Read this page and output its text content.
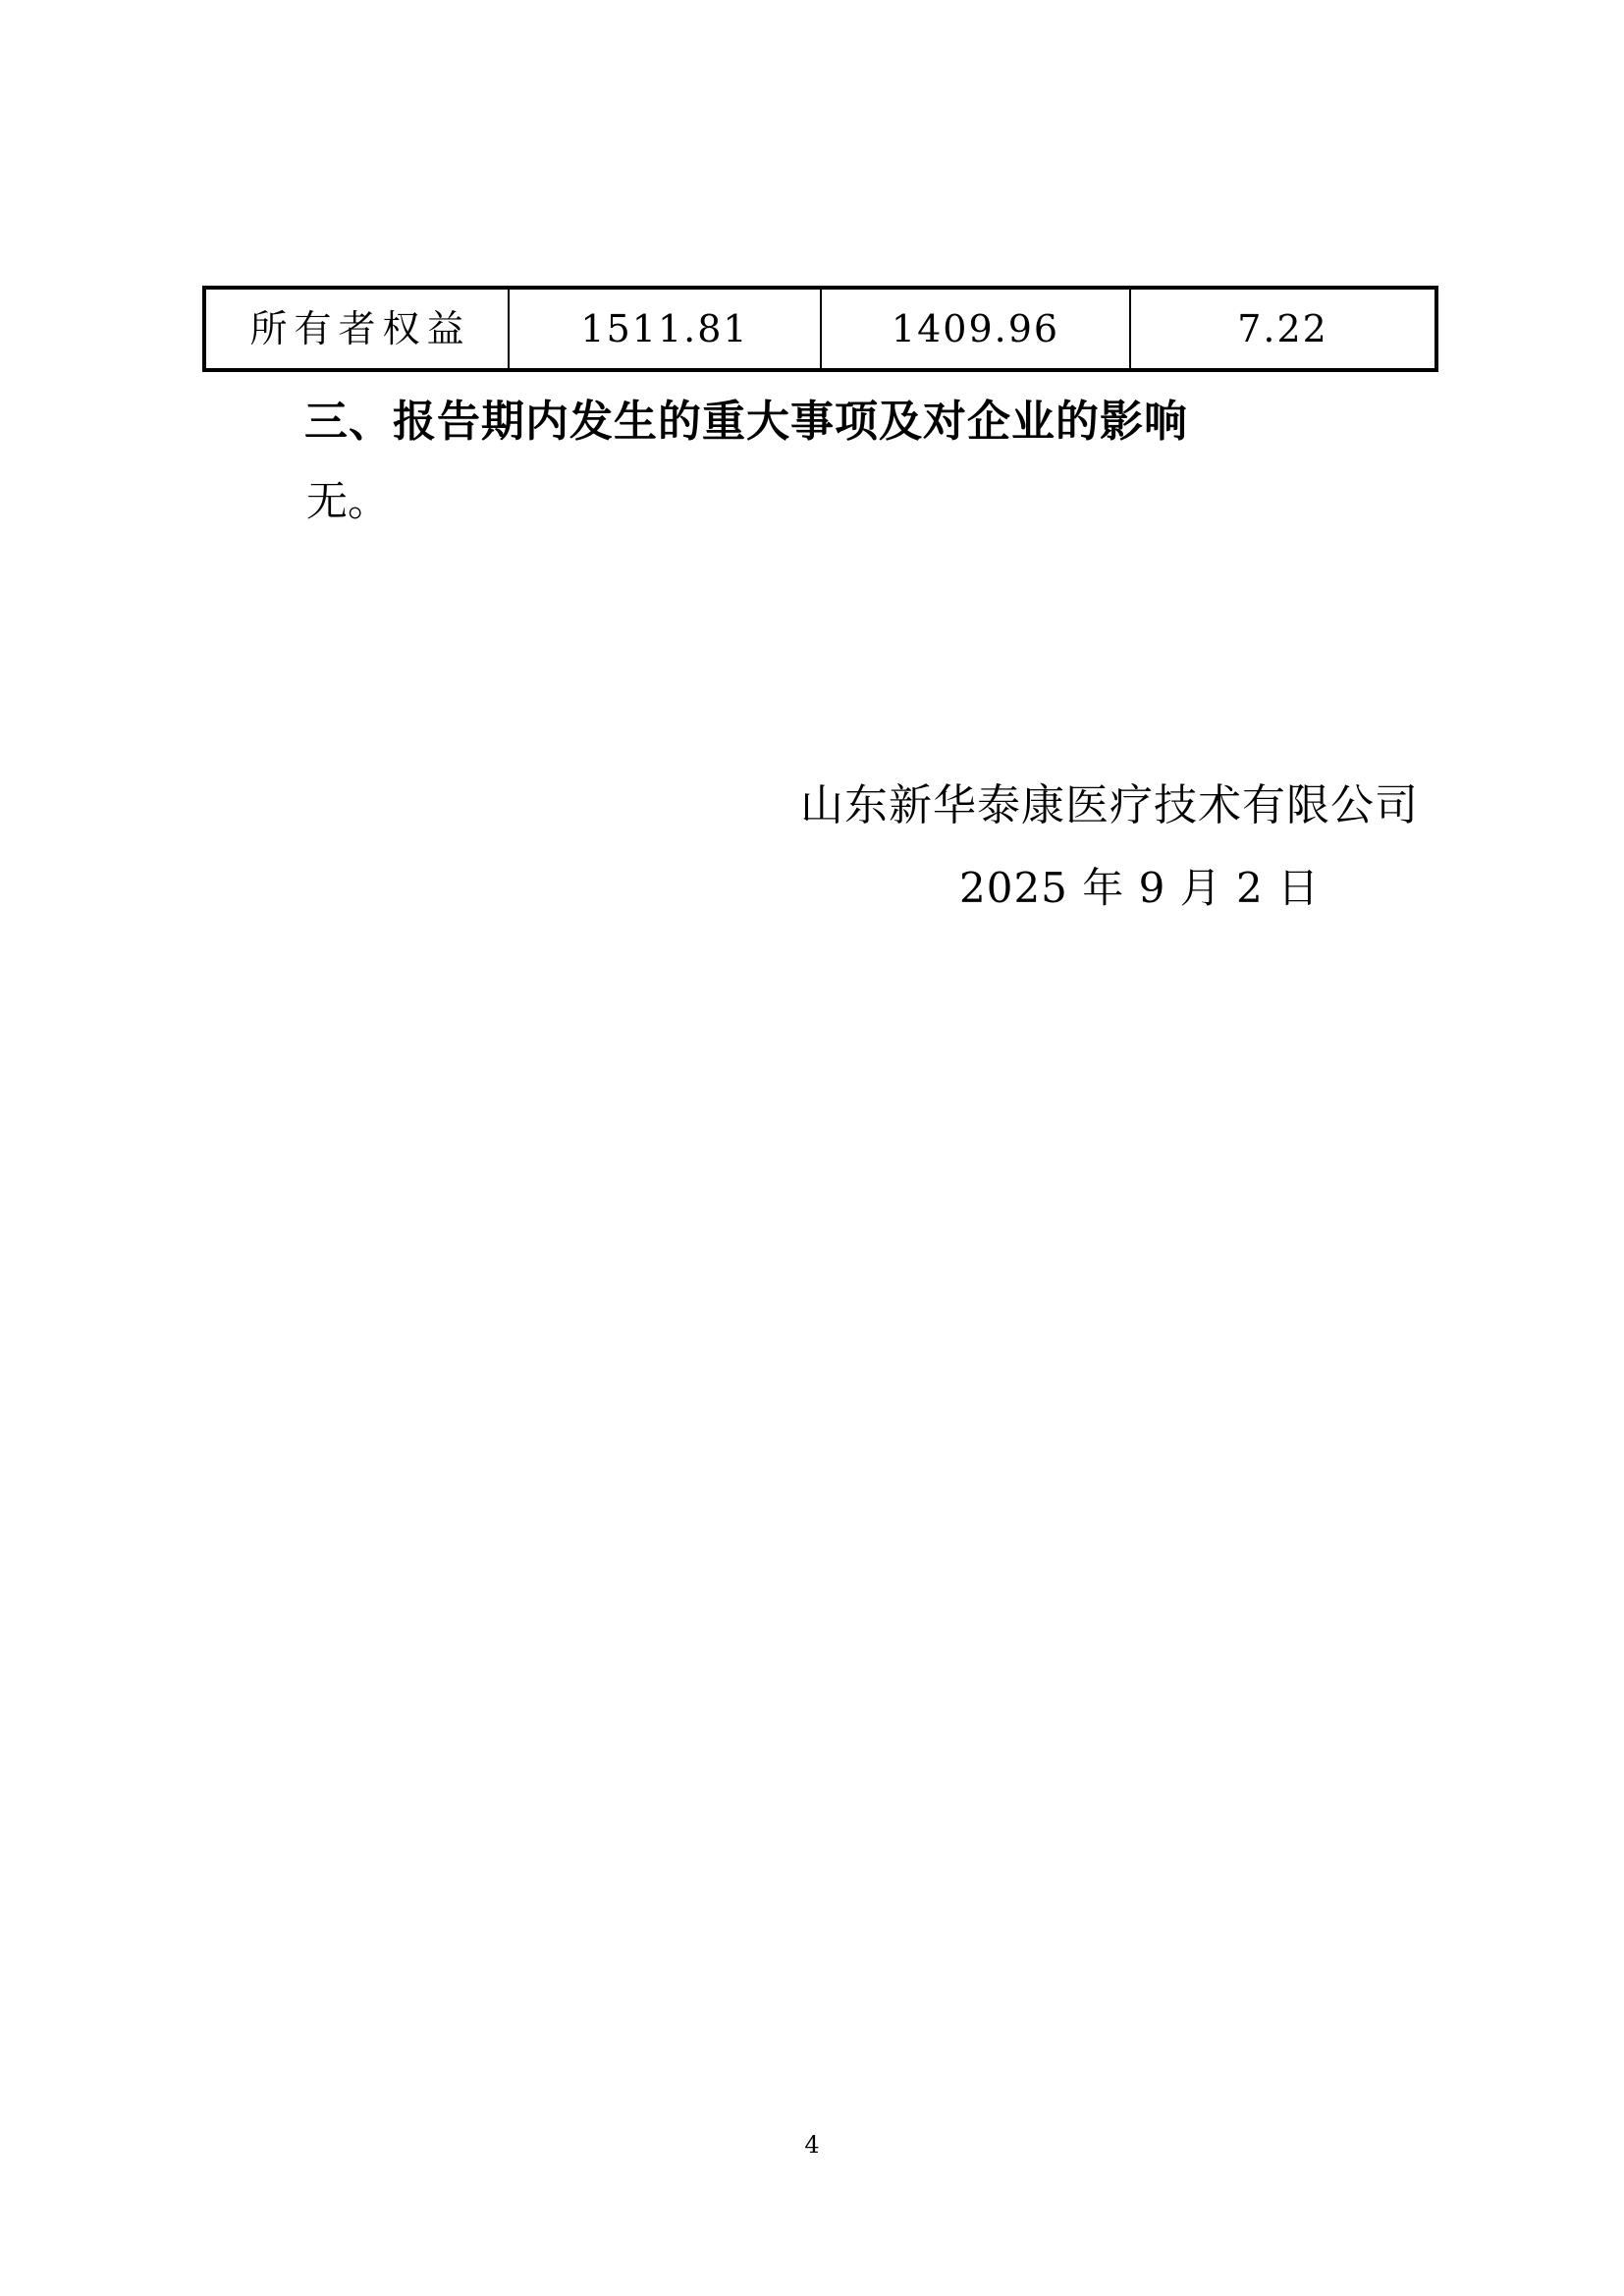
所有者权益	1511.81	1409.96	7.22
三、报告期内发生的重大事项及对企业的影响
无。
山东新华泰康医疗技术有限公司
2025 年 9 月 2 日
4
